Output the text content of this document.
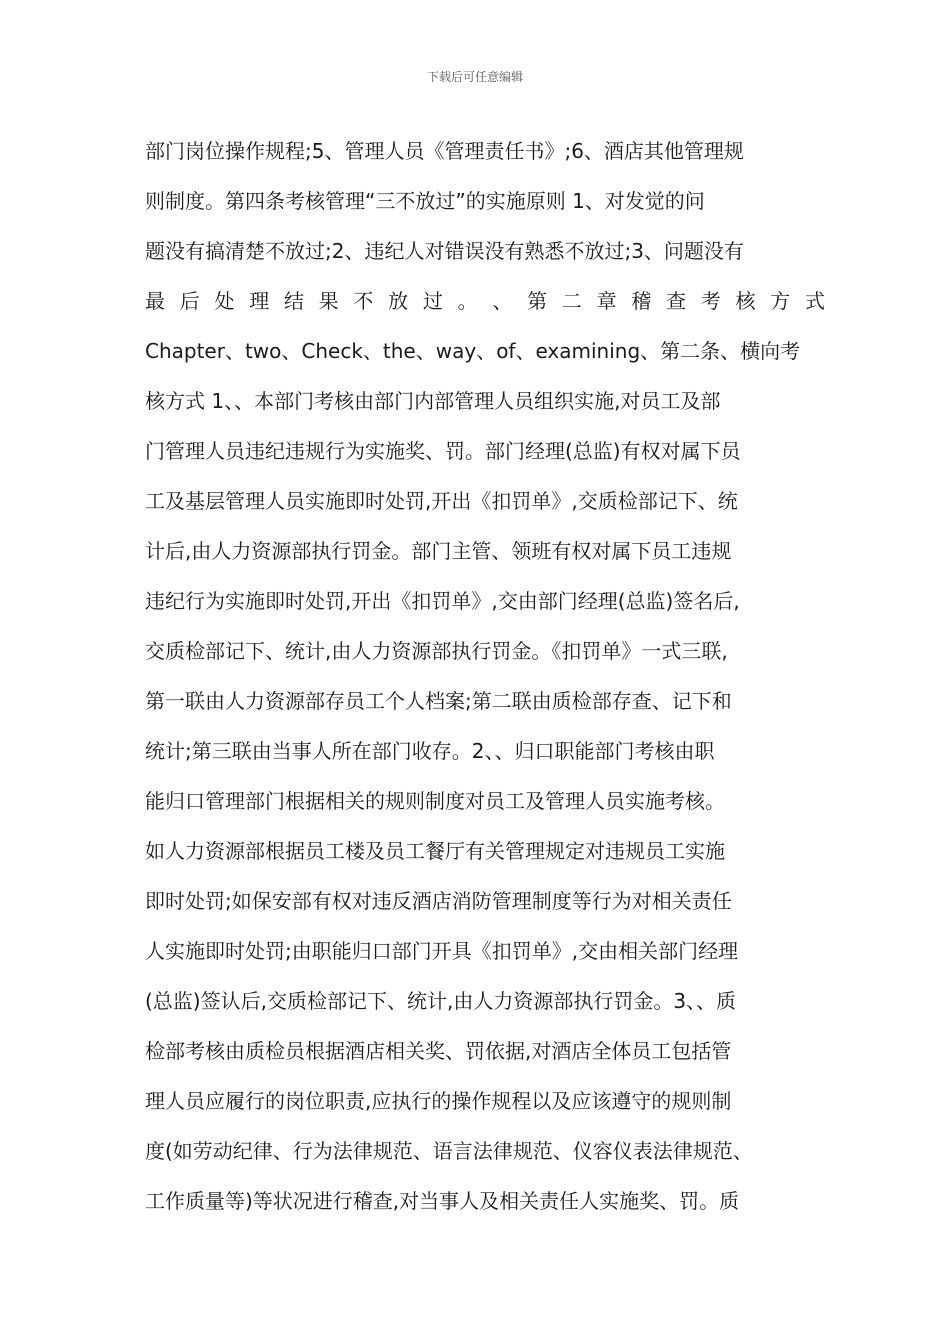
下载后可任意编辑
部门岗位操作规程;5、管理人员《管理责任书》;6、酒店其他管理规
则制度。第四条考核管理“三不放过”的实施原则 1、对发觉的问
题没有搞清楚不放过;2、违纪人对错误没有熟悉不放过;3、问题没有
最 后 处 理 结 果 不 放 过 。 、 第 二 章 稽 查 考 核 方 式
Chapter、two、Check、the、way、of、examining、第二条、横向考
核方式 1、、本部门考核由部门内部管理人员组织实施,对员工及部
门管理人员违纪违规行为实施奖、罚。部门经理(总监)有权对属下员
工及基层管理人员实施即时处罚,开出《扣罚单》,交质检部记下、统
计后,由人力资源部执行罚金。部门主管、领班有权对属下员工违规
违纪行为实施即时处罚,开出《扣罚单》,交由部门经理(总监)签名后,
交质检部记下、统计,由人力资源部执行罚金。《扣罚单》一式三联,
第一联由人力资源部存员工个人档案;第二联由质检部存查、记下和
统计;第三联由当事人所在部门收存。2、、归口职能部门考核由职
能归口管理部门根据相关的规则制度对员工及管理人员实施考核。
如人力资源部根据员工楼及员工餐厅有关管理规定对违规员工实施
即时处罚;如保安部有权对违反酒店消防管理制度等行为对相关责任
人实施即时处罚;由职能归口部门开具《扣罚单》,交由相关部门经理
(总监)签认后,交质检部记下、统计,由人力资源部执行罚金。3、、质
检部考核由质检员根据酒店相关奖、罚依据,对酒店全体员工包括管
理人员应履行的岗位职责,应执行的操作规程以及应该遵守的规则制
度(如劳动纪律、行为法律规范、语言法律规范、仪容仪表法律规范、
工作质量等)等状况进行稽查,对当事人及相关责任人实施奖、罚。质
